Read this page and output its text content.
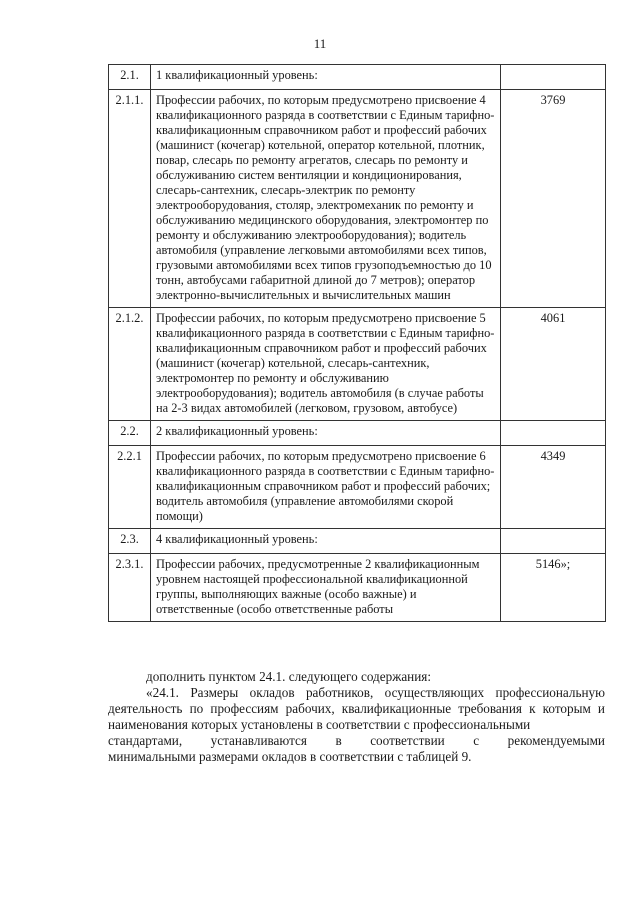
11
2.1.	1 квалификационный уровень:	
2.1.1.	Профессии рабочих, по которым предусмотрено присвоение 4 квалификационного разряда в соответствии с Единым тарифно-квалификационным справочником работ и профессий рабочих (машинист (кочегар) котельной, оператор котельной, плотник, повар, слесарь по ремонту агрегатов, слесарь по ремонту и обслуживанию систем вентиляции и кондиционирования, слесарь-сантехник, слесарь-электрик по ремонту электрооборудования, столяр, электромеханик по ремонту и обслуживанию медицинского оборудования, электромонтер по ремонту и обслуживанию электрооборудования); водитель автомобиля (управление легковыми автомобилями всех типов, грузовыми автомобилями всех типов грузоподъемностью до 10 тонн, автобусами габаритной длиной до 7 метров); оператор электронно-вычислительных и вычислительных машин	3769
2.1.2.	Профессии рабочих, по которым предусмотрено присвоение 5 квалификационного разряда в соответствии с Единым тарифно-квалификационным справочником работ и профессий рабочих (машинист (кочегар) котельной, слесарь-сантехник, электромонтер по ремонту и обслуживанию электрооборудования); водитель автомобиля (в случае работы на 2-3 видах автомобилей (легковом, грузовом, автобусе)	4061
2.2.	2 квалификационный уровень:	
2.2.1	Профессии рабочих, по которым предусмотрено присвоение 6 квалификационного разряда в соответствии с Единым тарифно-квалификационным справочником работ и профессий рабочих; водитель автомобиля (управление автомобилями скорой помощи)	4349
2.3.	4 квалификационный уровень:	
2.3.1.	Профессии рабочих, предусмотренные 2 квалификационным уровнем настоящей профессиональной квалификационной группы, выполняющих важные (особо важные) и ответственные (особо ответственные работы	5146»;

дополнить пунктом 24.1. следующего содержания:

«24.1. Размеры окладов работников, осуществляющих профессиональную деятельность по профессиям рабочих, квалификационные требования к которым и наименования которых установлены в соответствии с профессиональными

стандартами, устанавливаются в соответствии с рекомендуемыми

минимальными размерами окладов в соответствии с таблицей 9.
